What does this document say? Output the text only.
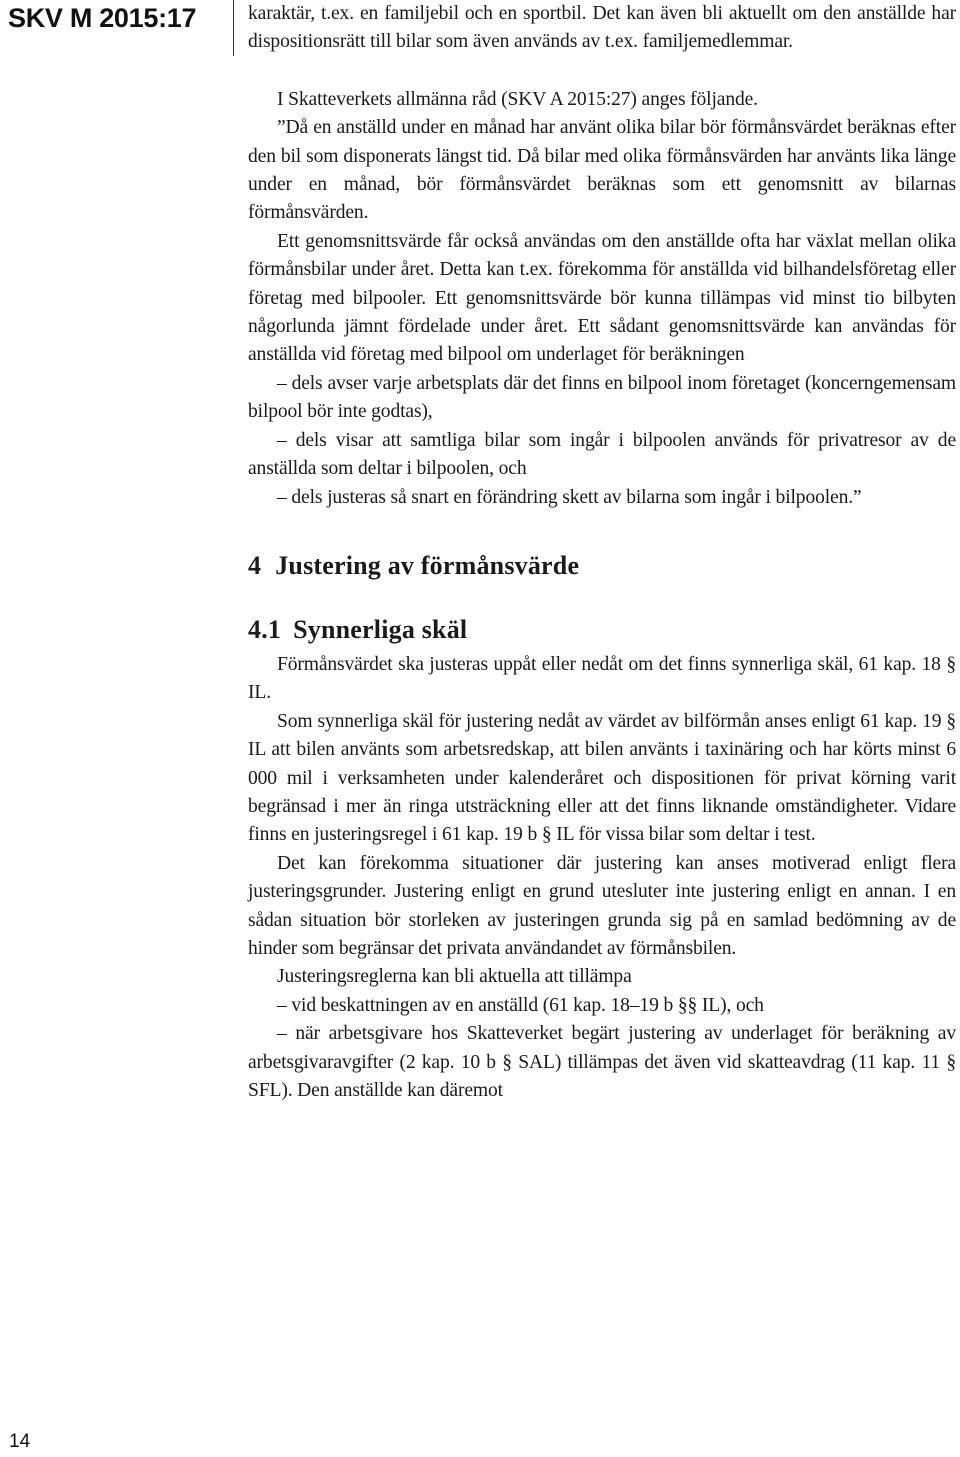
SKV M 2015:17	karaktär, t.ex. en familjebil och en sportbil. Det kan även bli aktuellt om den anställde har dispositionsrätt till bilar som även används av t.ex. familjemedlemmar.

I Skatteverkets allmänna råd (SKV A 2015:27) anges följande.

”Då en anställd under en månad har använt olika bilar bör förmånsvärdet beräknas efter den bil som disponerats längst tid. Då bilar med olika förmånsvärden har använts lika länge under en månad, bör förmånsvärdet beräknas som ett genomsnitt av bilarnas förmånsvärden.

Ett genomsnittsvärde får också användas om den anställde ofta har växlat mellan olika förmånsbilar under året. Detta kan t.ex. förekomma för anställda vid bilhandelsföretag eller företag med bilpooler. Ett genomsnittsvärde bör kunna tillämpas vid minst tio bilbyten någorlunda jämnt fördelade under året. Ett sådant genomsnittsvärde kan användas för anställda vid företag med bilpool om underlaget för beräkningen

– dels avser varje arbetsplats där det finns en bilpool inom företaget (koncerngemensam bilpool bör inte godtas),

– dels visar att samtliga bilar som ingår i bilpoolen används för privatresor av de anställda som deltar i bilpoolen, och

– dels justeras så snart en förändring skett av bilarna som ingår i bilpoolen.”

4 Justering av förmånsvärde
4.1 Synnerliga skäl

Förmånsvärdet ska justeras uppåt eller nedåt om det finns synnerliga skäl, 61 kap. 18 § IL.

Som synnerliga skäl för justering nedåt av värdet av bilförmån anses enligt 61 kap. 19 § IL att bilen använts som arbetsredskap, att bilen använts i taxinäring och har körts minst 6 000 mil i verksamheten under kalenderåret och dispositionen för privat körning varit begränsad i mer än ringa utsträckning eller att det finns liknande omständigheter. Vidare finns en justeringsregel i 61 kap. 19 b § IL för vissa bilar som deltar i test.

Det kan förekomma situationer där justering kan anses motiverad enligt flera justeringsgrunder. Justering enligt en grund utesluter inte justering enligt en annan. I en sådan situation bör storleken av justeringen grunda sig på en samlad bedömning av de hinder som begränsar det privata användandet av förmånsbilen.

Justeringsreglerna kan bli aktuella att tillämpa

– vid beskattningen av en anställd (61 kap. 18–19 b §§ IL), och

– när arbetsgivare hos Skatteverket begärt justering av underlaget för beräkning av arbetsgivaravgifter (2 kap. 10 b § SAL) tillämpas det även vid skatteavdrag (11 kap. 11 § SFL). Den anställde kan däremot

14
